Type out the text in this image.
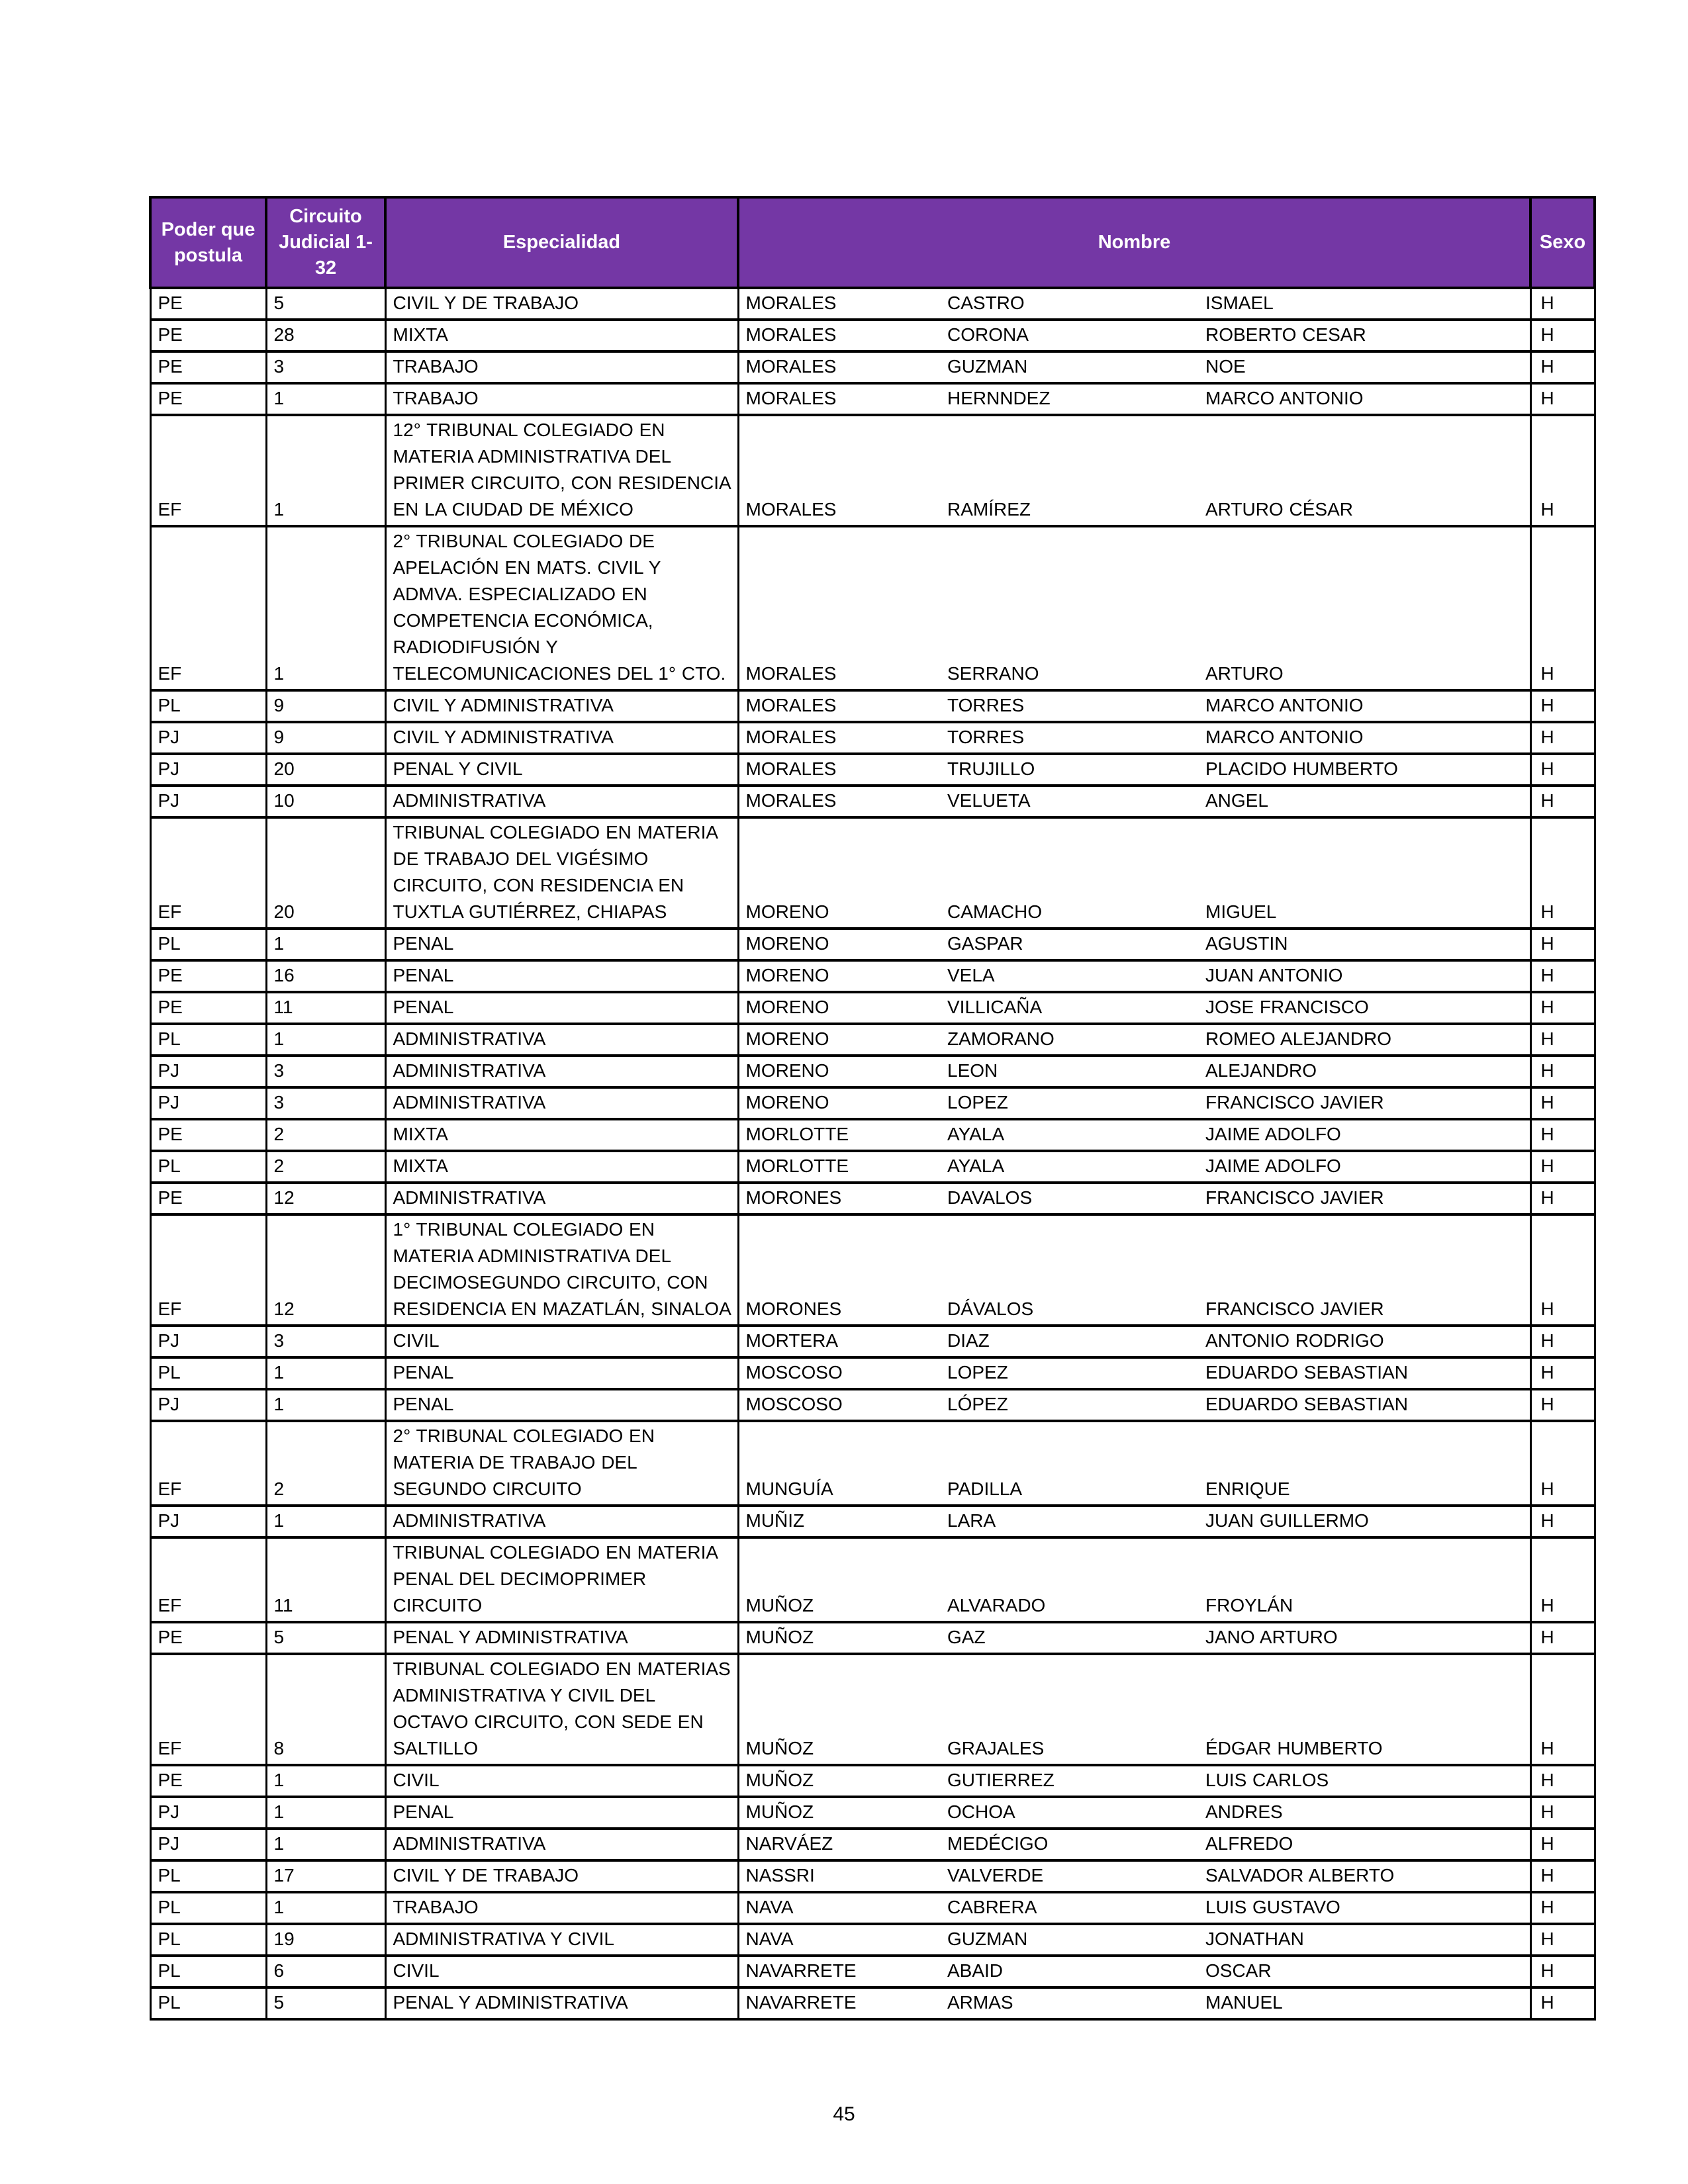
Poder que postula	Circuito Judicial 1-32	Especialidad	Nombre			Sexo
PE	5	CIVIL Y DE TRABAJO	MORALES	CASTRO	ISMAEL	H
PE	28	MIXTA	MORALES	CORONA	ROBERTO CESAR	H
PE	3	TRABAJO	MORALES	GUZMAN	NOE	H
PE	1	TRABAJO	MORALES	HERNNDEZ	MARCO ANTONIO	H
EF	1	12° TRIBUNAL COLEGIADO EN MATERIA ADMINISTRATIVA DEL PRIMER CIRCUITO, CON RESIDENCIA EN LA CIUDAD DE MÉXICO	MORALES	RAMÍREZ	ARTURO CÉSAR	H
EF	1	2° TRIBUNAL COLEGIADO DE APELACIÓN EN MATS. CIVIL Y ADMVA. ESPECIALIZADO EN COMPETENCIA ECONÓMICA, RADIODIFUSIÓN Y TELECOMUNICACIONES DEL 1° CTO.	MORALES	SERRANO	ARTURO	H
PL	9	CIVIL Y ADMINISTRATIVA	MORALES	TORRES	MARCO ANTONIO	H
PJ	9	CIVIL Y ADMINISTRATIVA	MORALES	TORRES	MARCO ANTONIO	H
PJ	20	PENAL Y CIVIL	MORALES	TRUJILLO	PLACIDO HUMBERTO	H
PJ	10	ADMINISTRATIVA	MORALES	VELUETA	ANGEL	H
EF	20	TRIBUNAL COLEGIADO EN MATERIA DE TRABAJO DEL VIGÉSIMO CIRCUITO, CON RESIDENCIA EN TUXTLA GUTIÉRREZ, CHIAPAS	MORENO	CAMACHO	MIGUEL	H
PL	1	PENAL	MORENO	GASPAR	AGUSTIN	H
PE	16	PENAL	MORENO	VELA	JUAN ANTONIO	H
PE	11	PENAL	MORENO	VILLICAÑA	JOSE FRANCISCO	H
PL	1	ADMINISTRATIVA	MORENO	ZAMORANO	ROMEO ALEJANDRO	H
PJ	3	ADMINISTRATIVA	MORENO	LEON	ALEJANDRO	H
PJ	3	ADMINISTRATIVA	MORENO	LOPEZ	FRANCISCO JAVIER	H
PE	2	MIXTA	MORLOTTE	AYALA	JAIME ADOLFO	H
PL	2	MIXTA	MORLOTTE	AYALA	JAIME ADOLFO	H
PE	12	ADMINISTRATIVA	MORONES	DAVALOS	FRANCISCO JAVIER	H
EF	12	1° TRIBUNAL COLEGIADO EN MATERIA ADMINISTRATIVA DEL DECIMOSEGUNDO CIRCUITO, CON RESIDENCIA EN MAZATLÁN, SINALOA	MORONES	DÁVALOS	FRANCISCO JAVIER	H
PJ	3	CIVIL	MORTERA	DIAZ	ANTONIO RODRIGO	H
PL	1	PENAL	MOSCOSO	LOPEZ	EDUARDO SEBASTIAN	H
PJ	1	PENAL	MOSCOSO	LÓPEZ	EDUARDO SEBASTIAN	H
EF	2	2° TRIBUNAL COLEGIADO EN MATERIA DE TRABAJO DEL SEGUNDO CIRCUITO	MUNGUÍA	PADILLA	ENRIQUE	H
PJ	1	ADMINISTRATIVA	MUÑIZ	LARA	JUAN GUILLERMO	H
EF	11	TRIBUNAL COLEGIADO EN MATERIA PENAL DEL DECIMOPRIMER CIRCUITO	MUÑOZ	ALVARADO	FROYLÁN	H
PE	5	PENAL Y ADMINISTRATIVA	MUÑOZ	GAZ	JANO ARTURO	H
EF	8	TRIBUNAL COLEGIADO EN MATERIAS ADMINISTRATIVA Y CIVIL DEL OCTAVO CIRCUITO, CON SEDE EN SALTILLO	MUÑOZ	GRAJALES	ÉDGAR HUMBERTO	H
PE	1	CIVIL	MUÑOZ	GUTIERREZ	LUIS CARLOS	H
PJ	1	PENAL	MUÑOZ	OCHOA	ANDRES	H
PJ	1	ADMINISTRATIVA	NARVÁEZ	MEDÉCIGO	ALFREDO	H
PL	17	CIVIL Y DE TRABAJO	NASSRI	VALVERDE	SALVADOR ALBERTO	H
PL	1	TRABAJO	NAVA	CABRERA	LUIS GUSTAVO	H
PL	19	ADMINISTRATIVA Y CIVIL	NAVA	GUZMAN	JONATHAN	H
PL	6	CIVIL	NAVARRETE	ABAID	OSCAR	H
PL	5	PENAL Y ADMINISTRATIVA	NAVARRETE	ARMAS	MANUEL	H
45
